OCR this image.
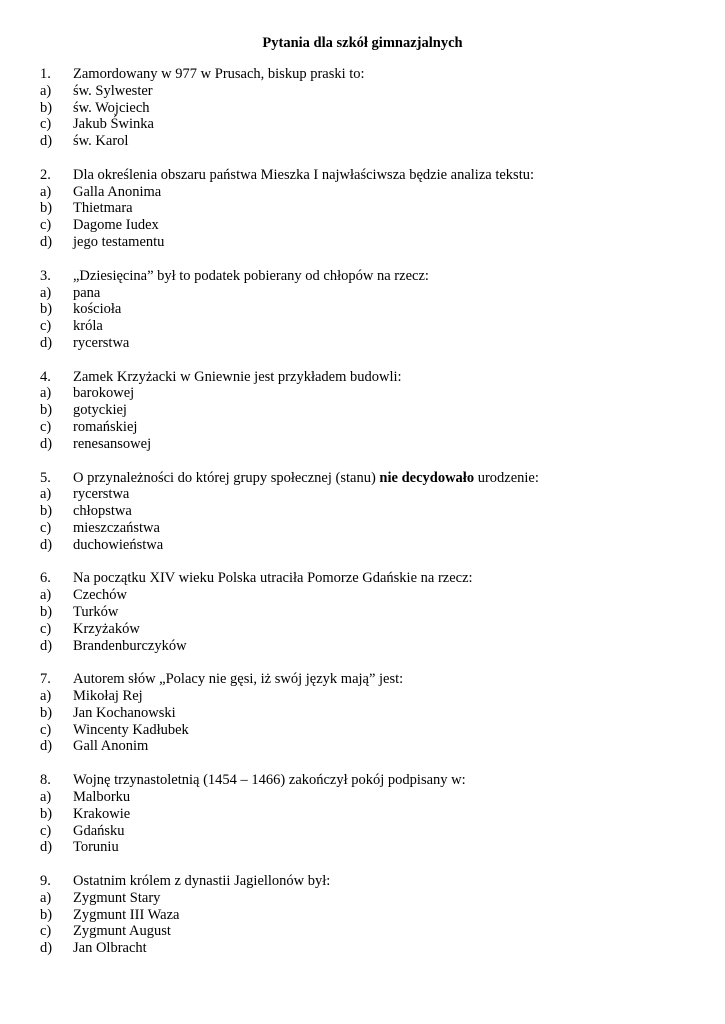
Pytania dla szkół gimnazjalnych
1.	Zamordowany w 977 w Prusach, biskup praski to:
a)	św. Sylwester
b)	św. Wojciech
c)	Jakub Świnka
d)	św. Karol
2.	Dla określenia obszaru państwa Mieszka I najwłaściwsza będzie analiza tekstu:
a)	Galla Anonima
b)	Thietmara
c)	Dagome Iudex
d)	jego testamentu
3.	„Dziesięcina” był to podatek pobierany od chłopów na rzecz:
a)	pana
b)	kościoła
c)	króla
d)	rycerstwa
4.	Zamek Krzyżacki w Gniewnie jest przykładem budowli:
a)	barokowej
b)	gotyckiej
c)	romańskiej
d)	renesansowej
5.	O przynależności do której grupy społecznej (stanu) nie decydowało urodzenie:
a)	rycerstwa
b)	chłopstwa
c)	mieszczaństwa
d)	duchowieństwa
6.	Na początku XIV wieku Polska utraciła Pomorze Gdańskie na rzecz:
a)	Czechów
b)	Turków
c)	Krzyżaków
d)	Brandenburczyków
7.	Autorem słów „Polacy nie gęsi, iż swój język mają” jest:
a)	Mikołaj Rej
b)	Jan Kochanowski
c)	Wincenty Kadłubek
d)	Gall Anonim
8.	Wojnę trzynastoletnią (1454 – 1466) zakończył pokój podpisany w:
a)	Malborku
b)	Krakowie
c)	Gdańsku
d)	Toruniu
9.	Ostatnim królem z dynastii Jagiellonów był:
a)	Zygmunt Stary
b)	Zygmunt III Waza
c)	Zygmunt August
d)	Jan Olbracht
